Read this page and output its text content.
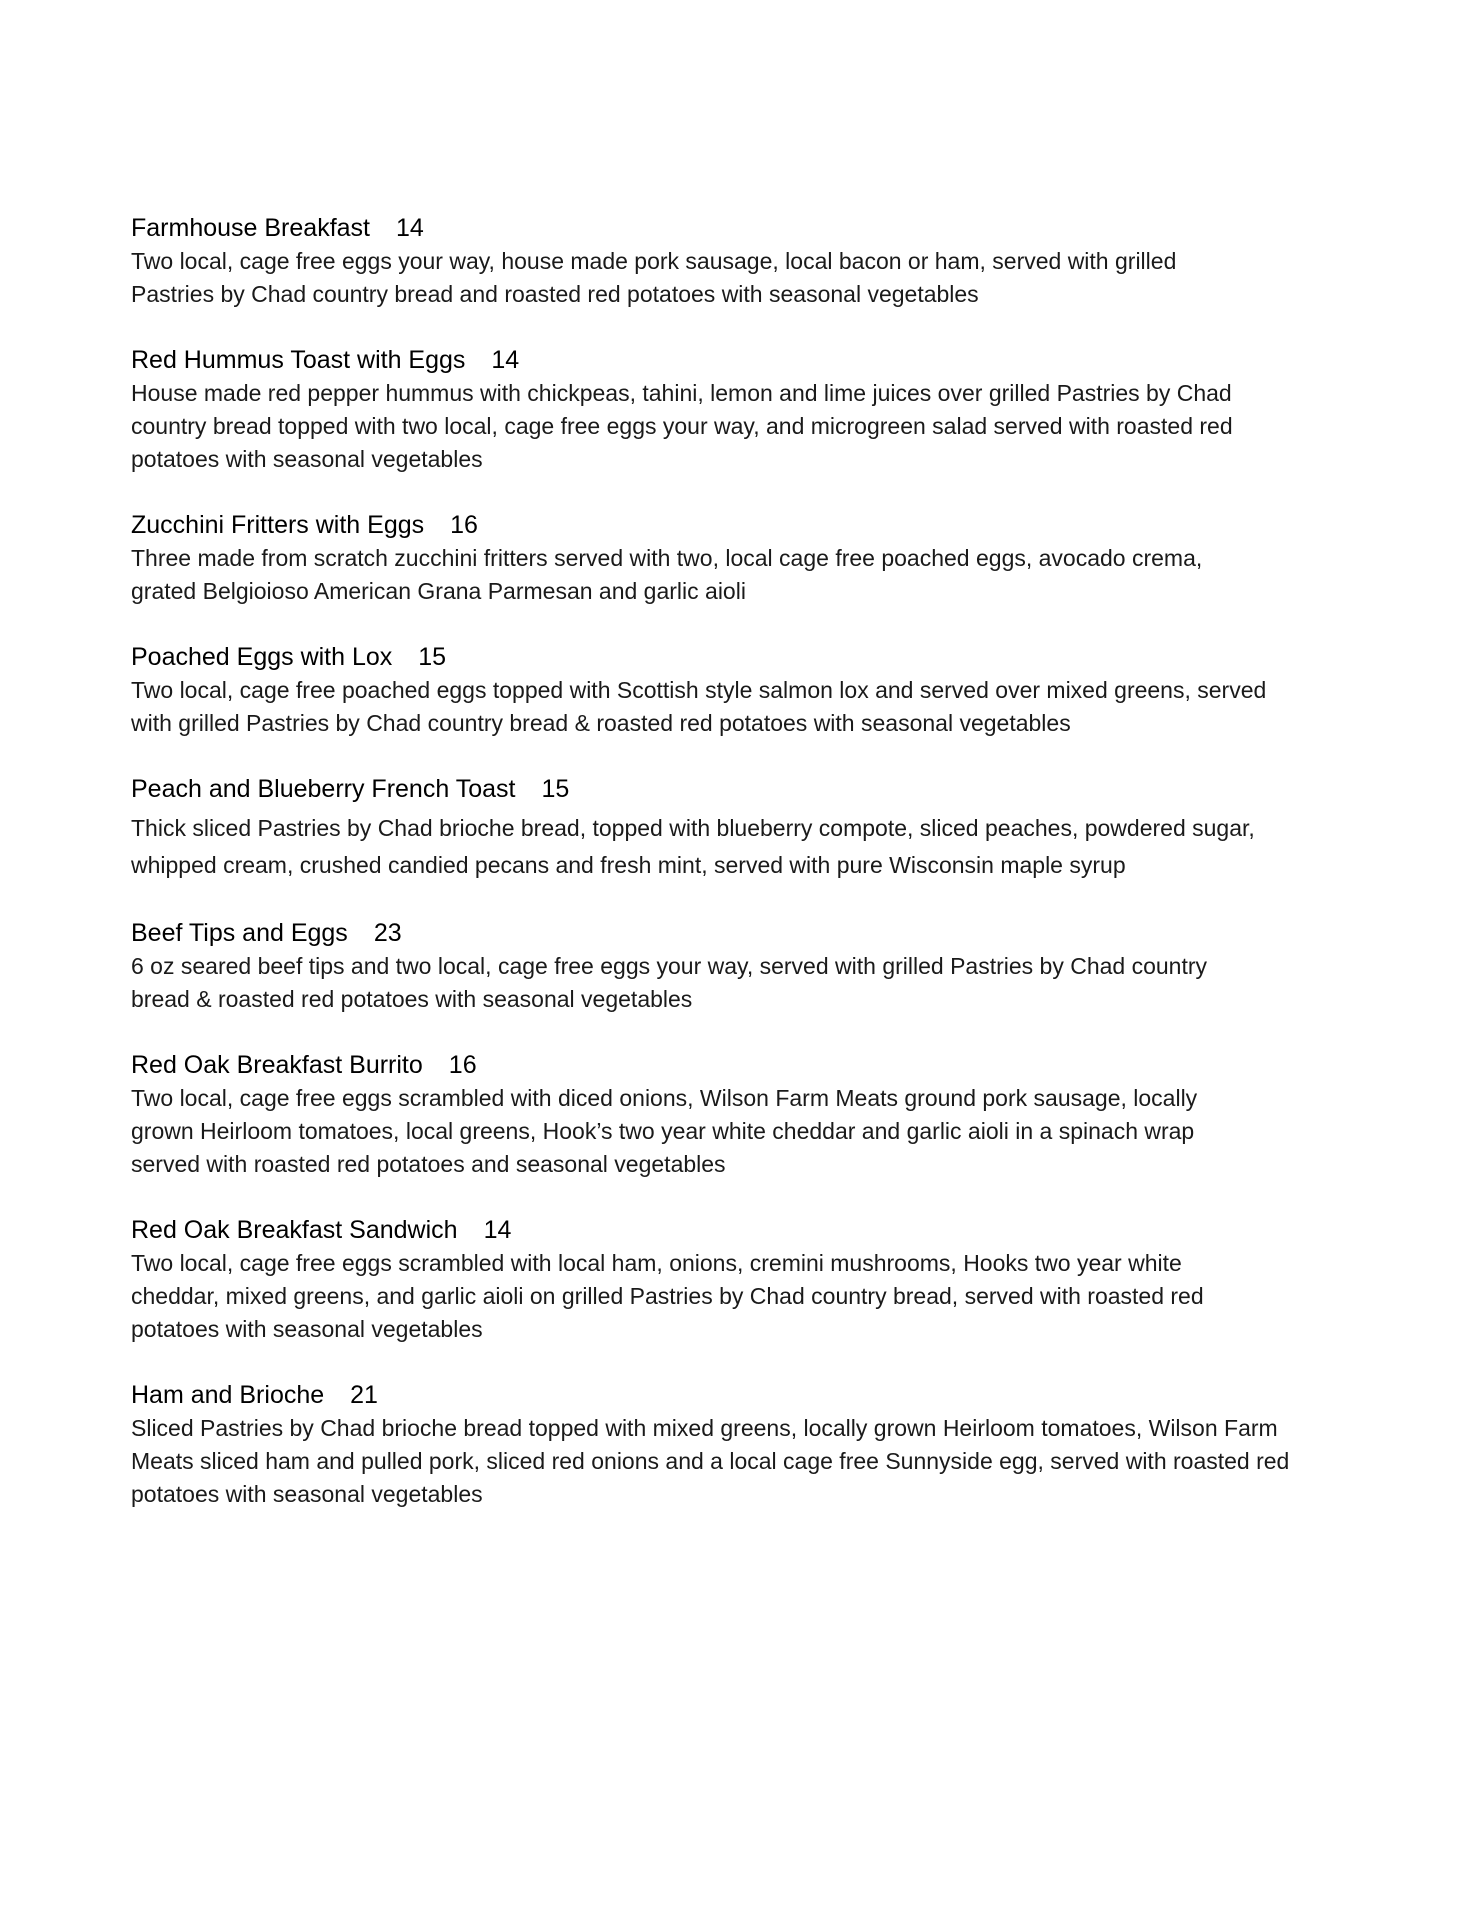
Farmhouse Breakfast 14
Two local, cage free eggs your way, house made pork sausage, local bacon or ham, served with grilled
Pastries by Chad country bread and roasted red potatoes with seasonal vegetables
Red Hummus Toast with Eggs 14
House made red pepper hummus with chickpeas, tahini, lemon and lime juices over grilled Pastries by Chad
country bread topped with two local, cage free eggs your way, and microgreen salad served with roasted red
potatoes with seasonal vegetables
Zucchini Fritters with Eggs 16
Three made from scratch zucchini fritters served with two, local cage free poached eggs, avocado crema,
grated Belgioioso American Grana Parmesan and garlic aioli
Poached Eggs with Lox 15
Two local, cage free poached eggs topped with Scottish style salmon lox and served over mixed greens, served
with grilled Pastries by Chad country bread & roasted red potatoes with seasonal vegetables
Peach and Blueberry French Toast 15
Thick sliced Pastries by Chad brioche bread, topped with blueberry compote, sliced peaches, powdered sugar,
whipped cream, crushed candied pecans and fresh mint, served with pure Wisconsin maple syrup
Beef Tips and Eggs 23
6 oz seared beef tips and two local, cage free eggs your way, served with grilled Pastries by Chad country
bread & roasted red potatoes with seasonal vegetables
Red Oak Breakfast Burrito 16
Two local, cage free eggs scrambled with diced onions, Wilson Farm Meats ground pork sausage, locally
grown Heirloom tomatoes, local greens, Hook’s two year white cheddar and garlic aioli in a spinach wrap
served with roasted red potatoes and seasonal vegetables
Red Oak Breakfast Sandwich 14
Two local, cage free eggs scrambled with local ham, onions, cremini mushrooms, Hooks two year white
cheddar, mixed greens, and garlic aioli on grilled Pastries by Chad country bread, served with roasted red
potatoes with seasonal vegetables
Ham and Brioche 21
Sliced Pastries by Chad brioche bread topped with mixed greens, locally grown Heirloom tomatoes, Wilson Farm
Meats sliced ham and pulled pork, sliced red onions and a local cage free Sunnyside egg, served with roasted red
potatoes with seasonal vegetables
